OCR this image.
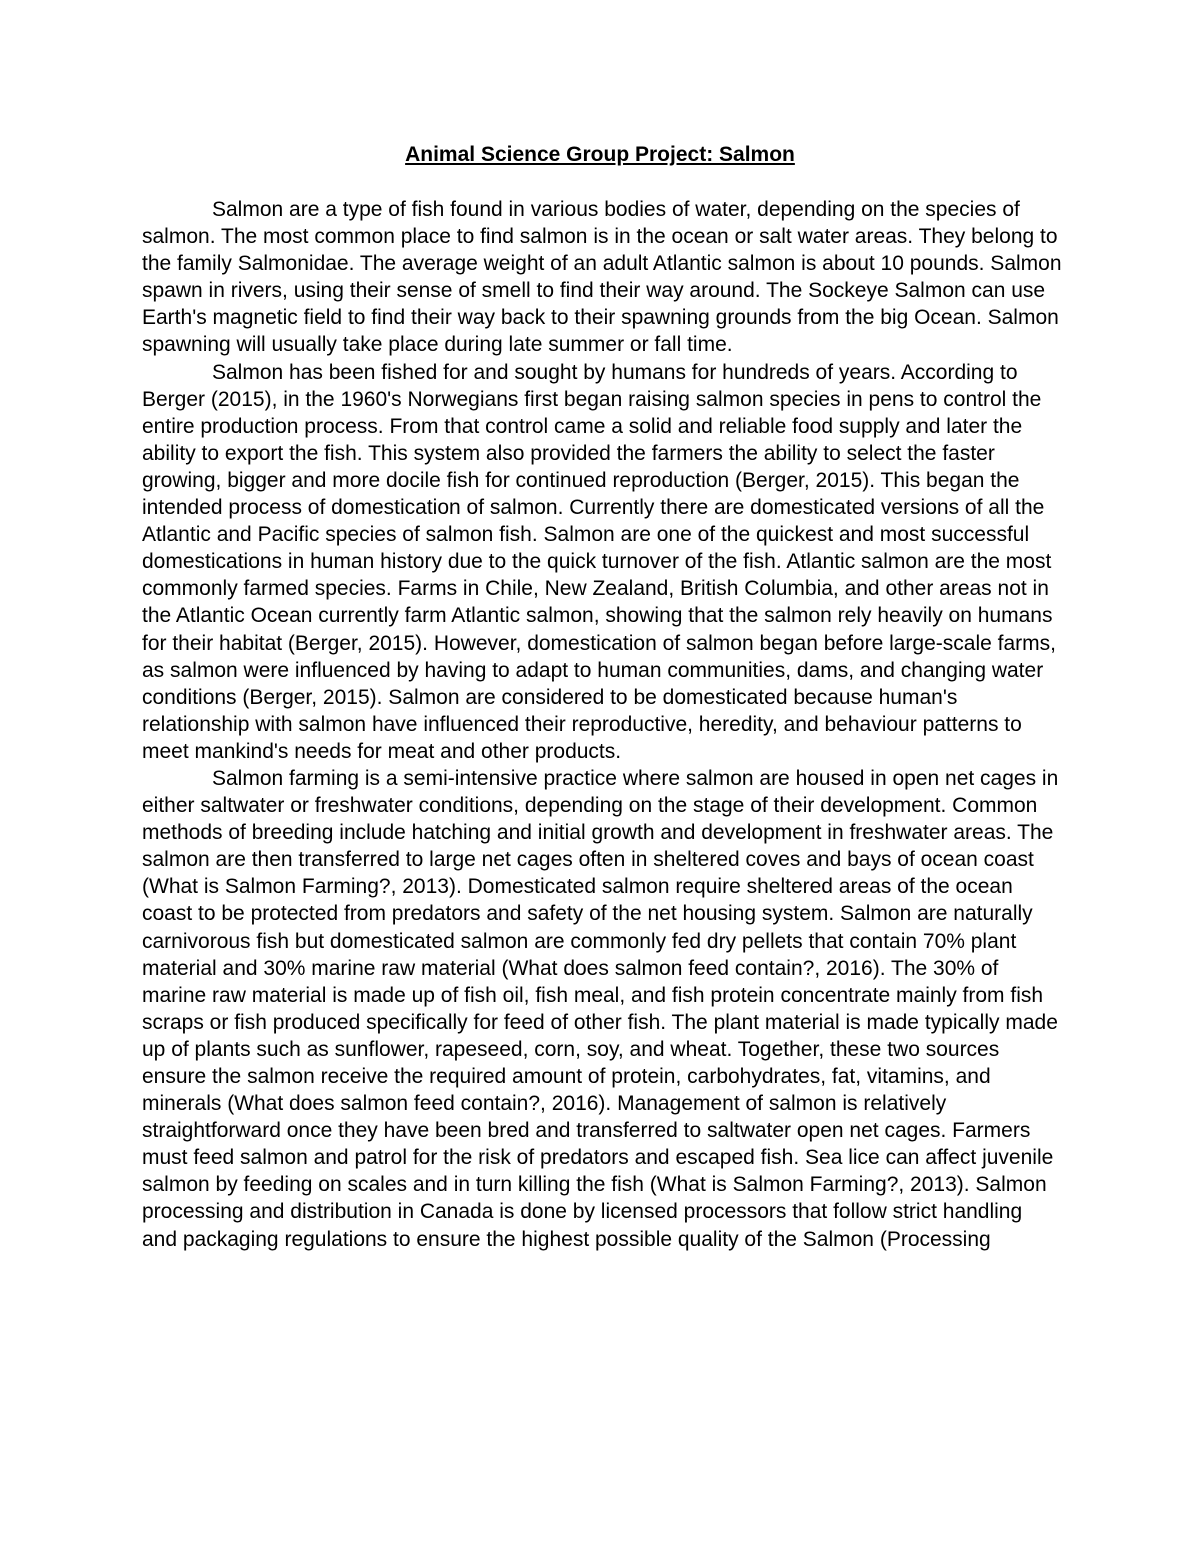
Animal Science Group Project: Salmon

Salmon are a type of fish found in various bodies of water, depending on the species of salmon. The most common place to find salmon is in the ocean or salt water areas. They belong to the family Salmonidae. The average weight of an adult Atlantic salmon is about 10 pounds. Salmon spawn in rivers, using their sense of smell to find their way around. The Sockeye Salmon can use Earth's magnetic field to find their way back to their spawning grounds from the big Ocean. Salmon spawning will usually take place during late summer or fall time.

Salmon has been fished for and sought by humans for hundreds of years. According to Berger (2015), in the 1960's Norwegians first began raising salmon species in pens to control the entire production process. From that control came a solid and reliable food supply and later the ability to export the fish. This system also provided the farmers the ability to select the faster growing, bigger and more docile fish for continued reproduction (Berger, 2015). This began the intended process of domestication of salmon. Currently there are domesticated versions of all the Atlantic and Pacific species of salmon fish. Salmon are one of the quickest and most successful domestications in human history due to the quick turnover of the fish. Atlantic salmon are the most commonly farmed species. Farms in Chile, New Zealand, British Columbia, and other areas not in the Atlantic Ocean currently farm Atlantic salmon, showing that the salmon rely heavily on humans for their habitat (Berger, 2015). However, domestication of salmon began before large-scale farms, as salmon were influenced by having to adapt to human communities, dams, and changing water conditions (Berger, 2015). Salmon are considered to be domesticated because human's relationship with salmon have influenced their reproductive, heredity, and behaviour patterns to meet mankind's needs for meat and other products.

Salmon farming is a semi-intensive practice where salmon are housed in open net cages in either saltwater or freshwater conditions, depending on the stage of their development. Common methods of breeding include hatching and initial growth and development in freshwater areas. The salmon are then transferred to large net cages often in sheltered coves and bays of ocean coast (What is Salmon Farming?, 2013). Domesticated salmon require sheltered areas of the ocean coast to be protected from predators and safety of the net housing system. Salmon are naturally carnivorous fish but domesticated salmon are commonly fed dry pellets that contain 70% plant material and 30% marine raw material (What does salmon feed contain?, 2016). The 30% of marine raw material is made up of fish oil, fish meal, and fish protein concentrate mainly from fish scraps or fish produced specifically for feed of other fish. The plant material is made typically made up of plants such as sunflower, rapeseed, corn, soy, and wheat. Together, these two sources ensure the salmon receive the required amount of protein, carbohydrates, fat, vitamins, and minerals (What does salmon feed contain?, 2016). Management of salmon is relatively straightforward once they have been bred and transferred to saltwater open net cages. Farmers must feed salmon and patrol for the risk of predators and escaped fish. Sea lice can affect juvenile salmon by feeding on scales and in turn killing the fish (What is Salmon Farming?, 2013). Salmon processing and distribution in Canada is done by licensed processors that follow strict handling and packaging regulations to ensure the highest possible quality of the Salmon (Processing
